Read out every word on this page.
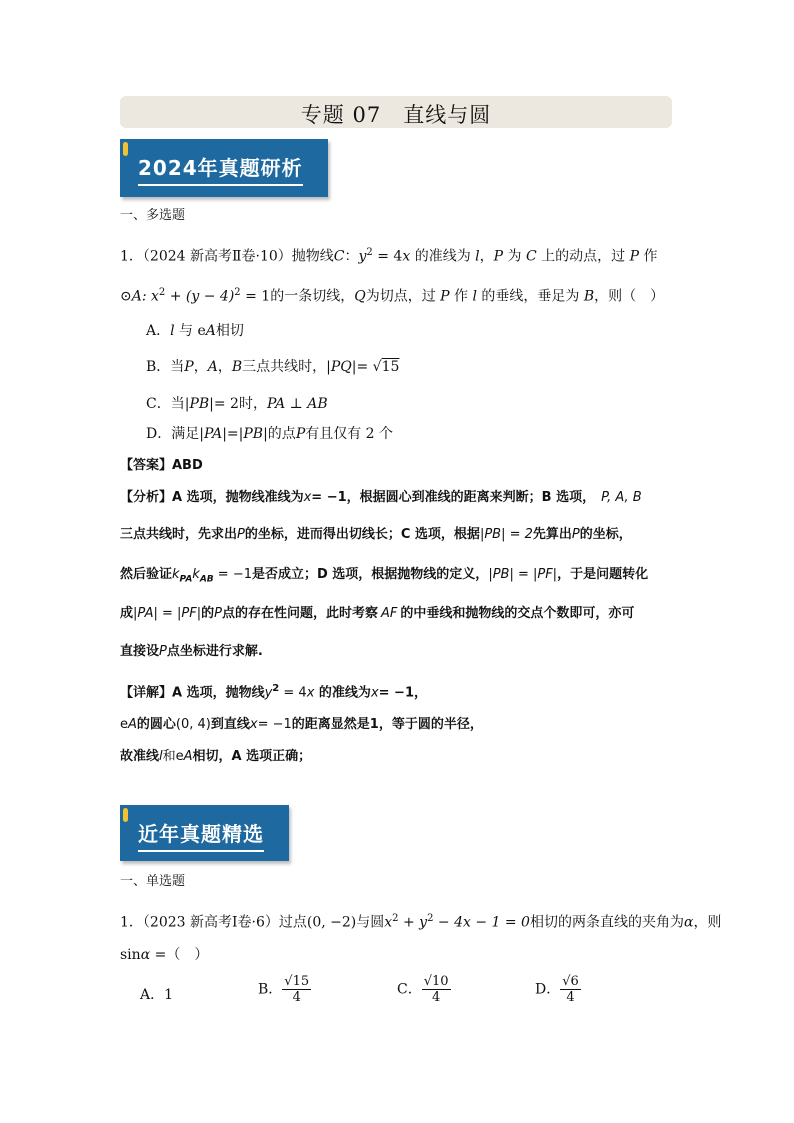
专题 07　直线与圆
2024年真题研析
一、多选题
1．（2024 新高考Ⅱ卷·10）抛物线C：$y^2 = 4x$ 的准线为 l，P 为 C 上的动点，过 P 作
⊙A: $x^2 + (y - 4)^2 = 1$的一条切线，Q为切点，过 P 作 l 的垂线，垂足为 B，则（　）
A．l 与 eA相切
B．当P，A，B三点共线时，|PQ|= √15
C．当|PB|= 2时，PA ⊥ AB
D．满足|PA|=|PB|的点P有且仅有 2 个
【答案】ABD
【分析】A 选项，抛物线准线为x= −1，根据圆心到准线的距离来判断；B 选项， P, A, B
三点共线时，先求出P的坐标，进而得出切线长；C 选项，根据|PB| = 2先算出P的坐标，
然后验证$k_{PA}k_{AB} = -1$是否成立；D 选项，根据抛物线的定义，|PB| = |PF|，于是问题转化
成|PA| = |PF|的P点的存在性问题，此时考察 AF 的中垂线和抛物线的交点个数即可，亦可
直接设P点坐标进行求解.
【详解】A 选项，抛物线$y^2 = 4x$ 的准线为x= −1，
eA的圆心(0, 4)到直线x= −1的距离显然是1，等于圆的半径，
故准线l和eA相切，A 选项正确；
近年真题精选
一、单选题
1．（2023 新高考Ⅰ卷·6）过点(0, −2)与圆$x^2 + y^2 - 4x - 1 = 0$相切的两条直线的夹角为α，则
sinα =（　）
A．1	B． $\frac{√15}{4}$	C． $\frac{√10}{4}$	D． $\frac{√6}{4}$
